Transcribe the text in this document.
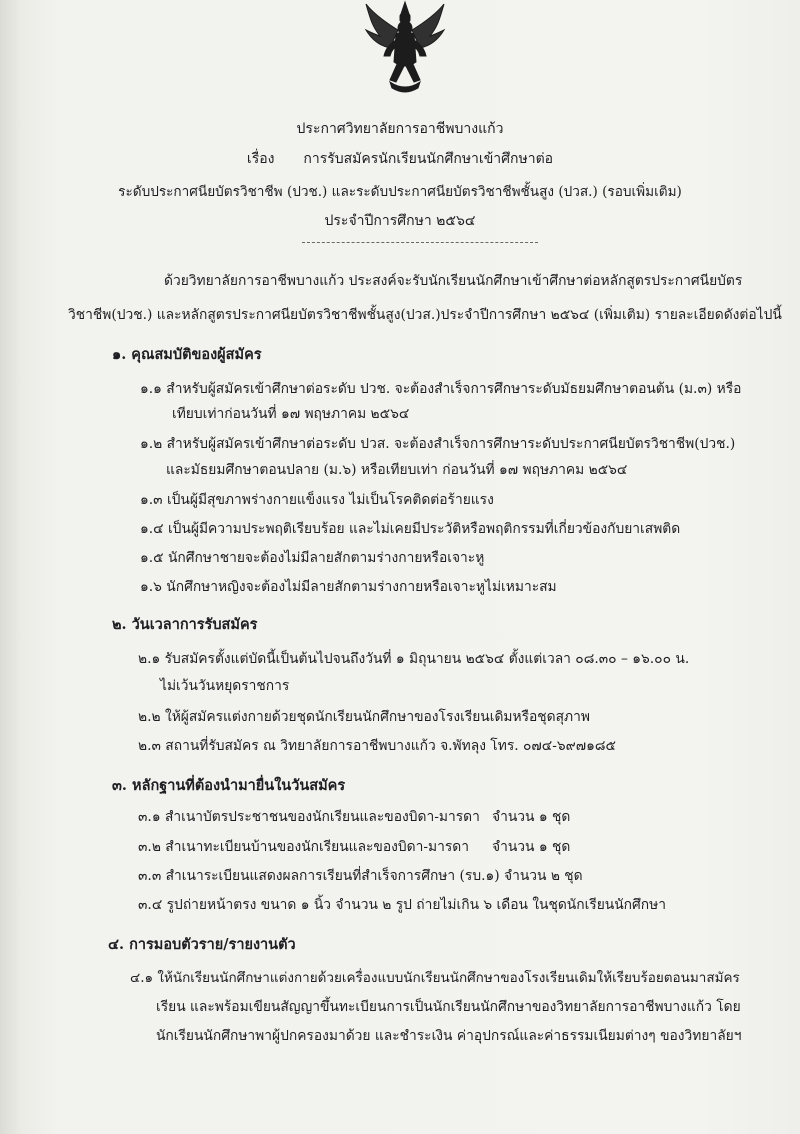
ประกาศวิทยาลัยการอาชีพบางแก้ว
เรื่อง การรับสมัครนักเรียนนักศึกษาเข้าศึกษาต่อ
ระดับประกาศนียบัตรวิชาชีพ (ปวช.) และระดับประกาศนียบัตรวิชาชีพชั้นสูง (ปวส.) (รอบเพิ่มเติม)
ประจำปีการศึกษา ๒๕๖๔
ด้วยวิทยาลัยการอาชีพบางแก้ว ประสงค์จะรับนักเรียนนักศึกษาเข้าศึกษาต่อหลักสูตรประกาศนียบัตร
วิชาชีพ(ปวช.) และหลักสูตรประกาศนียบัตรวิชาชีพชั้นสูง(ปวส.)ประจำปีการศึกษา ๒๕๖๔ (เพิ่มเติม) รายละเอียดดังต่อไปนี้
๑. คุณสมบัติของผู้สมัคร
๑.๑ สำหรับผู้สมัครเข้าศึกษาต่อระดับ ปวช. จะต้องสำเร็จการศึกษาระดับมัธยมศึกษาตอนต้น (ม.๓) หรือ
เทียบเท่าก่อนวันที่ ๑๗ พฤษภาคม ๒๕๖๔
๑.๒ สำหรับผู้สมัครเข้าศึกษาต่อระดับ ปวส. จะต้องสำเร็จการศึกษาระดับประกาศนียบัตรวิชาชีพ(ปวช.)
และมัธยมศึกษาตอนปลาย (ม.๖) หรือเทียบเท่า ก่อนวันที่ ๑๗ พฤษภาคม ๒๕๖๔
๑.๓ เป็นผู้มีสุขภาพร่างกายแข็งแรง ไม่เป็นโรคติดต่อร้ายแรง
๑.๔ เป็นผู้มีความประพฤติเรียบร้อย และไม่เคยมีประวัติหรือพฤติกรรมที่เกี่ยวข้องกับยาเสพติด
๑.๕ นักศึกษาชายจะต้องไม่มีลายสักตามร่างกายหรือเจาะหู
๑.๖ นักศึกษาหญิงจะต้องไม่มีลายสักตามร่างกายหรือเจาะหูไม่เหมาะสม
๒. วันเวลาการรับสมัคร
๒.๑ รับสมัครตั้งแต่บัดนี้เป็นต้นไปจนถึงวันที่ ๑ มิถุนายน ๒๕๖๔ ตั้งแต่เวลา ๐๘.๓๐ – ๑๖.๐๐ น.
ไม่เว้นวันหยุดราชการ
๒.๒ ให้ผู้สมัครแต่งกายด้วยชุดนักเรียนนักศึกษาของโรงเรียนเดิมหรือชุดสุภาพ
๒.๓ สถานที่รับสมัคร ณ วิทยาลัยการอาชีพบางแก้ว จ.พัทลุง โทร. ๐๗๔-๖๙๗๑๘๕
๓. หลักฐานที่ต้องนำมายื่นในวันสมัคร
๓.๑ สำเนาบัตรประชาชนของนักเรียนและของบิดา-มารดา จำนวน ๑ ชุด
๓.๒ สำเนาทะเบียนบ้านของนักเรียนและของบิดา-มารดา จำนวน ๑ ชุด
๓.๓ สำเนาระเบียนแสดงผลการเรียนที่สำเร็จการศึกษา (รบ.๑) จำนวน ๒ ชุด
๓.๔ รูปถ่ายหน้าตรง ขนาด ๑ นิ้ว จำนวน ๒ รูป ถ่ายไม่เกิน ๖ เดือน ในชุดนักเรียนนักศึกษา
๔. การมอบตัวราย/รายงานตัว
๔.๑ ให้นักเรียนนักศึกษาแต่งกายด้วยเครื่องแบบนักเรียนนักศึกษาของโรงเรียนเดิมให้เรียบร้อยตอนมาสมัคร
เรียน และพร้อมเขียนสัญญาขึ้นทะเบียนการเป็นนักเรียนนักศึกษาของวิทยาลัยการอาชีพบางแก้ว โดย
นักเรียนนักศึกษาพาผู้ปกครองมาด้วย และชำระเงิน ค่าอุปกรณ์และค่าธรรมเนียมต่างๆ ของวิทยาลัยฯ
